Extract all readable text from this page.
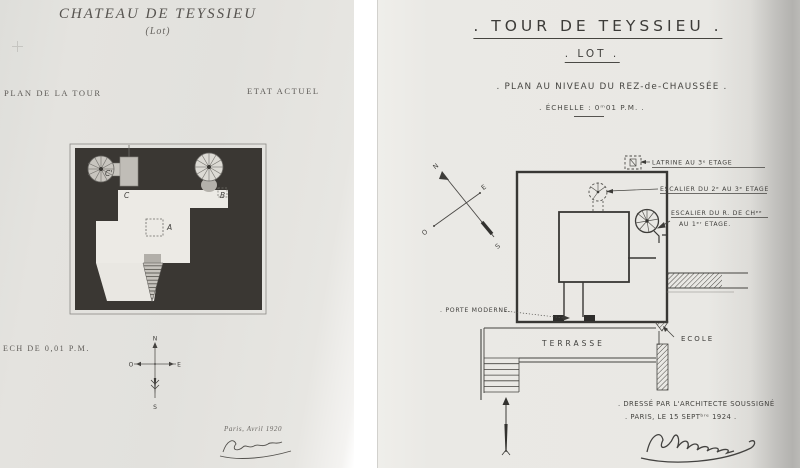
CHATEAU DE TEYSSIEU
(Lot)
PLAN DE LA TOUR	ETAT ACTUEL
C'
C	B
A
ECH DE 0,01 P.M.
N
O	E
S
Paris, Avril 1920
. TOUR DE TEYSSIEU .
. LOT .
. PLAN AU NIVEAU DU REZ-de-CHAUSSÉE .
. ÉCHELLE : 0ᵐ01 P.M. .
N
E
O
S
LATRINE AU 3ᵉ ETAGE
ESCALIER DU 2ᵉ AU 3ᵉ ETAGE
ESCALIER DU R. DE CHᵉᵉ
AU 1ᵉʳ ETAGE.
. PORTE MODERNE.
TERRASSE	ECOLE
. DRESSÉ PAR L'ARCHITECTE SOUSSIGNÉ
. PARIS, LE 15 SEPTᵇʳᵉ 1924 .
